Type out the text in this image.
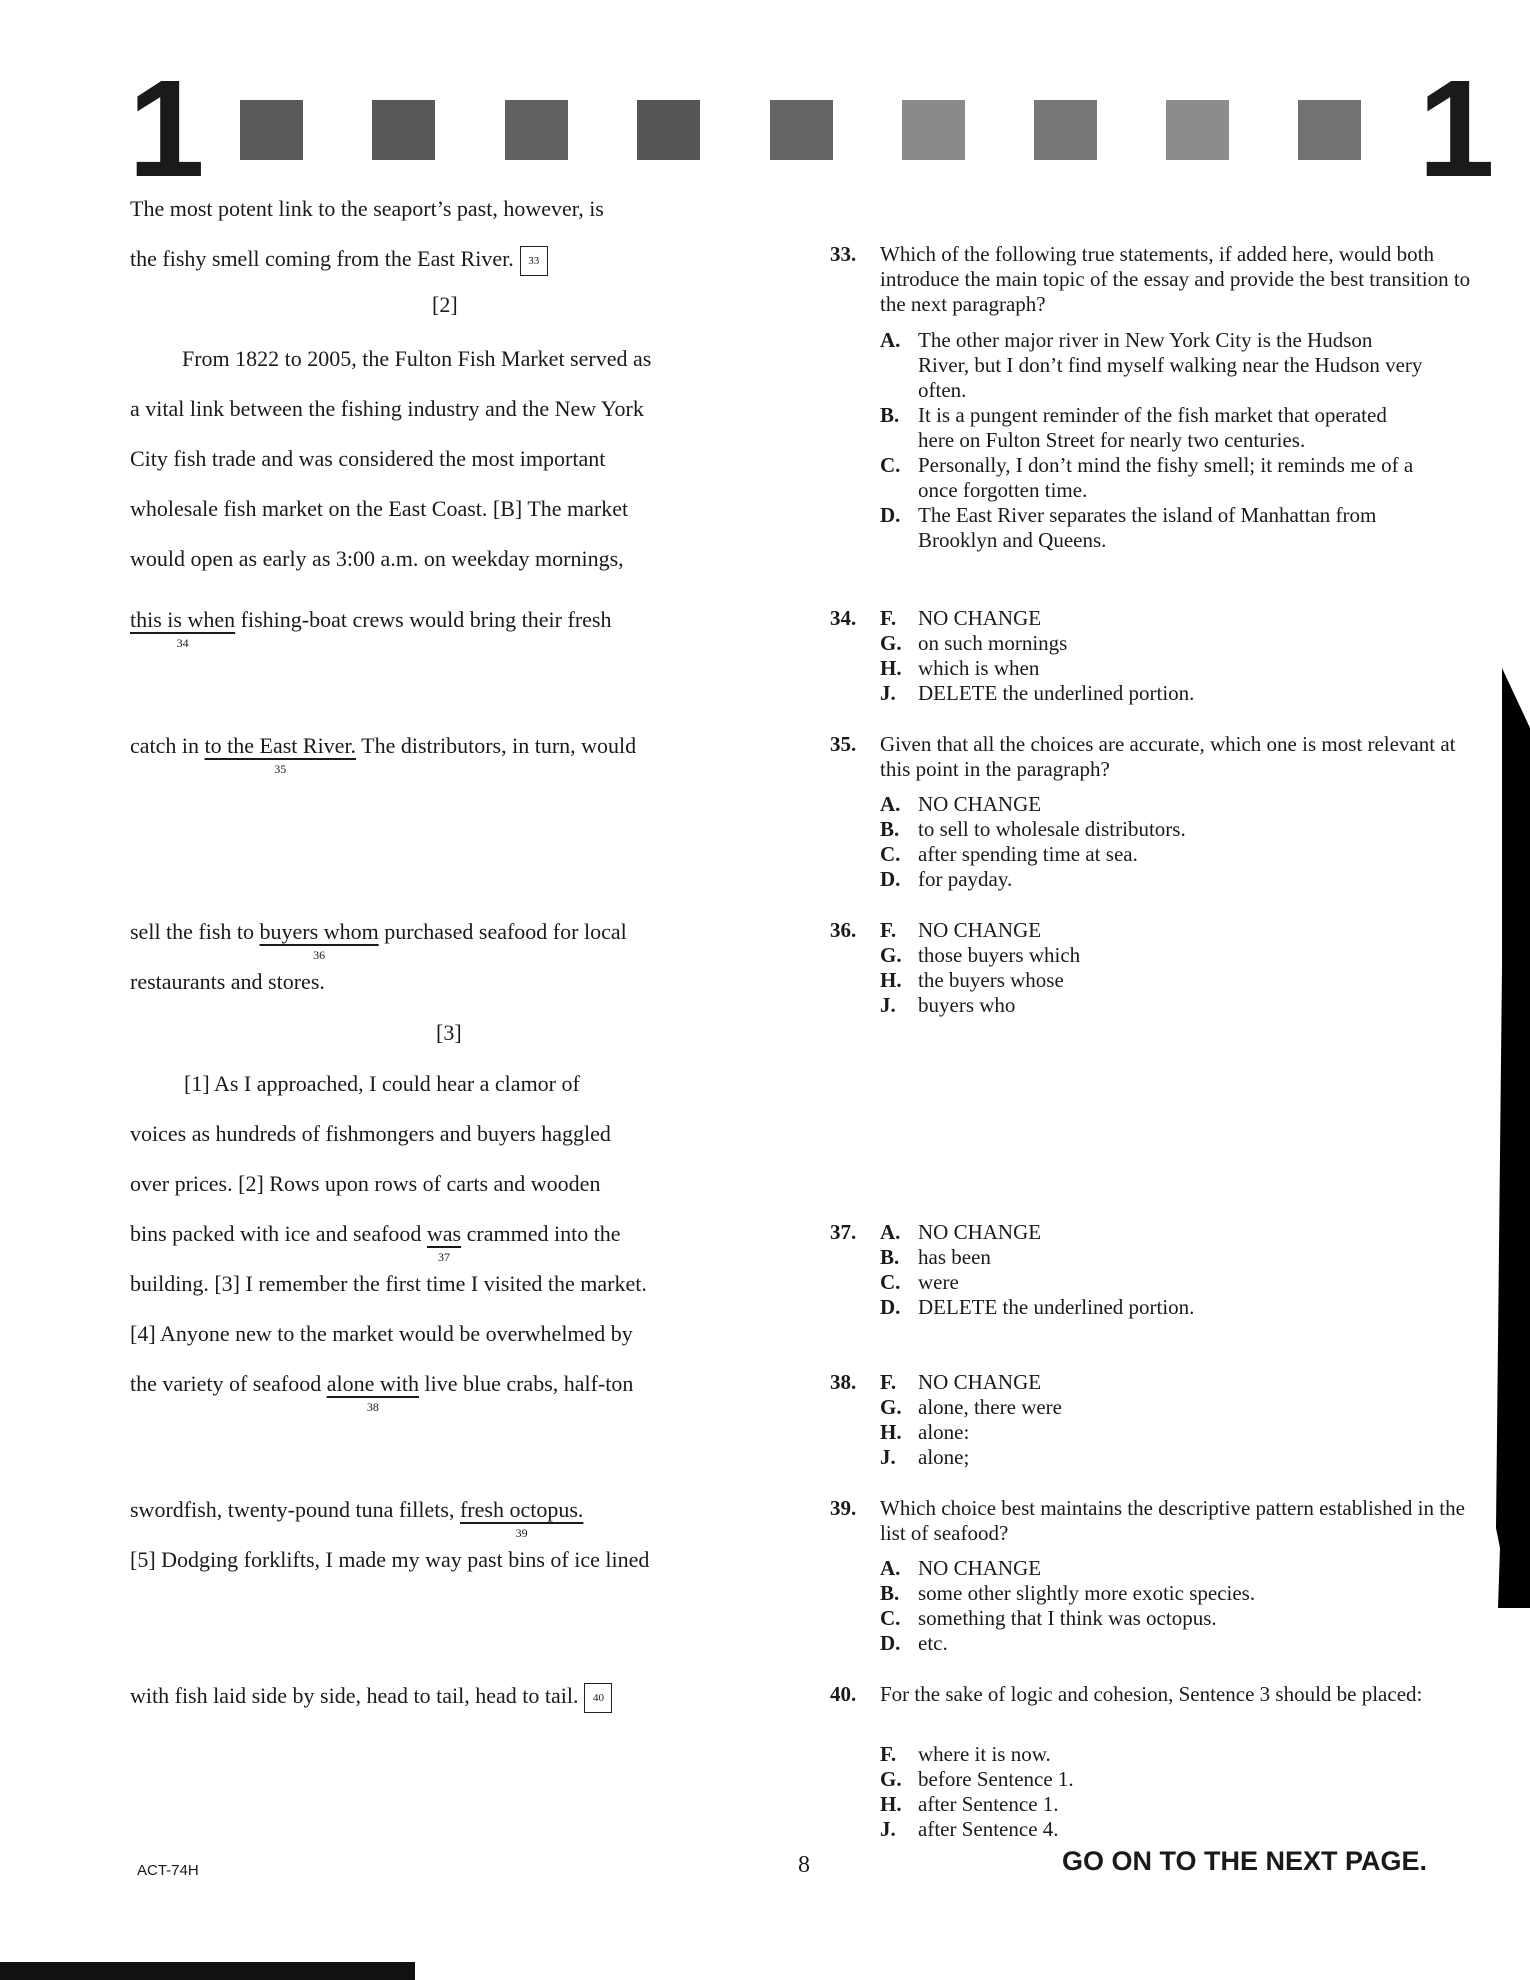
1	1
The most potent link to the seaport’s past, however, is
the fishy smell coming from the East River. 33
[2]
From 1822 to 2005, the Fulton Fish Market served as
a vital link between the fishing industry and the New York
City fish trade and was considered the most important
wholesale fish market on the East Coast. [B] The market
would open as early as 3:00 a.m. on weekday mornings,
this is when
34
fishing-boat crews would bring their fresh
catch in to the East River.
35
The distributors, in turn, would
sell the fish to buyers whom
36
purchased seafood for local
restaurants and stores.
[3]
[1] As I approached, I could hear a clamor of
voices as hundreds of fishmongers and buyers haggled
over prices. [2] Rows upon rows of carts and wooden
bins packed with ice and seafood was
37
crammed into the
building. [3] I remember the first time I visited the market.
[4] Anyone new to the market would be overwhelmed by
the variety of seafood alone with
38
live blue crabs, half-ton
swordfish, twenty-pound tuna fillets, fresh octopus.
39
[5] Dodging forklifts, I made my way past bins of ice lined
with fish laid side by side, head to tail, head to tail. 40
33. Which of the following true statements, if added here, would both introduce the main topic of the essay and provide the best transition to the next paragraph?
A. The other major river in New York City is the Hudson River, but I don’t find myself walking near the Hudson very often.
B. It is a pungent reminder of the fish market that operated here on Fulton Street for nearly two centuries.
C. Personally, I don’t mind the fishy smell; it reminds me of a once forgotten time.
D. The East River separates the island of Manhattan from Brooklyn and Queens.
34. F.	NO CHANGE
G. on such mornings
H. which is when
J.	DELETE the underlined portion.
35. Given that all the choices are accurate, which one is most relevant at this point in the paragraph?
A. NO CHANGE
B. to sell to wholesale distributors.
C. after spending time at sea.
D. for payday.
36. F.	NO CHANGE
G. those buyers which
H. the buyers whose
J.	buyers who
37. A. NO CHANGE
B. has been
C. were
D. DELETE the underlined portion.
38. F.	NO CHANGE
G. alone, there were
H. alone:
J.	alone;
39. Which choice best maintains the descriptive pattern established in the list of seafood?
A. NO CHANGE
B. some other slightly more exotic species.
C. something that I think was octopus.
D. etc.
40. For the sake of logic and cohesion, Sentence 3 should be placed:
F.	where it is now.
G. before Sentence 1.
H. after Sentence 1.
J.	after Sentence 4.
ACT-74H	8	GO ON TO THE NEXT PAGE.
